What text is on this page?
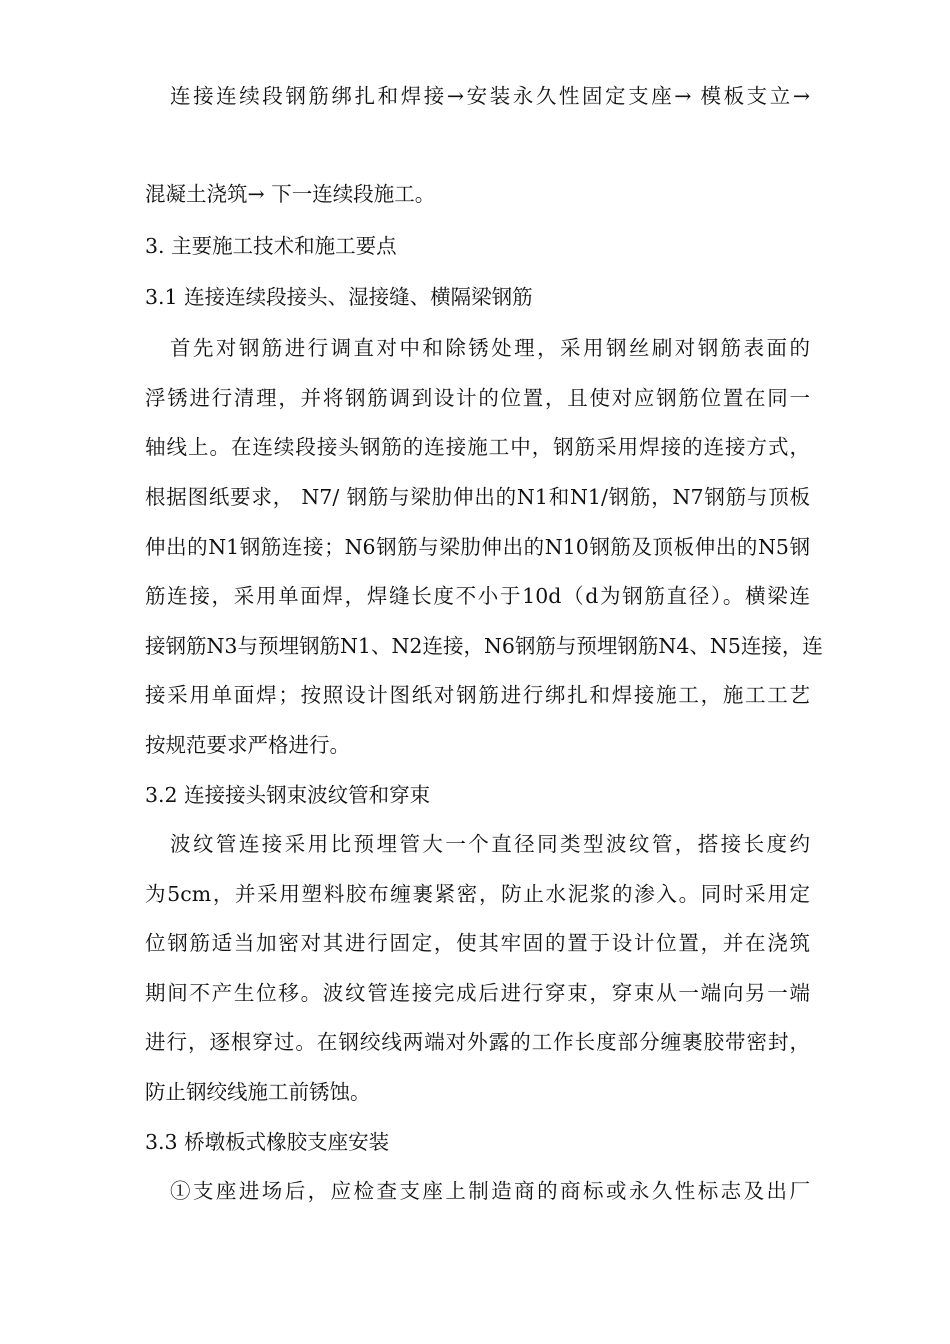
连接连续段钢筋绑扎和焊接→安装永久性固定支座→ 模板支立→
混凝土浇筑→ 下一连续段施工。
3. 主要施工技术和施工要点
3.1 连接连续段接头、湿接缝、横隔梁钢筋
首先对钢筋进行调直对中和除锈处理，采用钢丝刷对钢筋表面的
浮锈进行清理，并将钢筋调到设计的位置，且使对应钢筋位置在同一
轴线上。在连续段接头钢筋的连接施工中，钢筋采用焊接的连接方式，
根据图纸要求， N7/ 钢筋与梁肋伸出的N1和N1/钢筋，N7钢筋与顶板
伸出的N1钢筋连接；N6钢筋与梁肋伸出的N10钢筋及顶板伸出的N5钢
筋连接，采用单面焊，焊缝长度不小于10d（d为钢筋直径）。横梁连
接钢筋N3与预埋钢筋N1、N2连接，N6钢筋与预埋钢筋N4、N5连接，连
接采用单面焊；按照设计图纸对钢筋进行绑扎和焊接施工，施工工艺
按规范要求严格进行。
3.2 连接接头钢束波纹管和穿束
波纹管连接采用比预埋管大一个直径同类型波纹管，搭接长度约
为5cm，并采用塑料胶布缠裹紧密，防止水泥浆的渗入。同时采用定
位钢筋适当加密对其进行固定，使其牢固的置于设计位置，并在浇筑
期间不产生位移。波纹管连接完成后进行穿束，穿束从一端向另一端
进行，逐根穿过。在钢绞线两端对外露的工作长度部分缠裹胶带密封，
防止钢绞线施工前锈蚀。
3.3 桥墩板式橡胶支座安装
①支座进场后，应检查支座上制造商的商标或永久性标志及出厂
